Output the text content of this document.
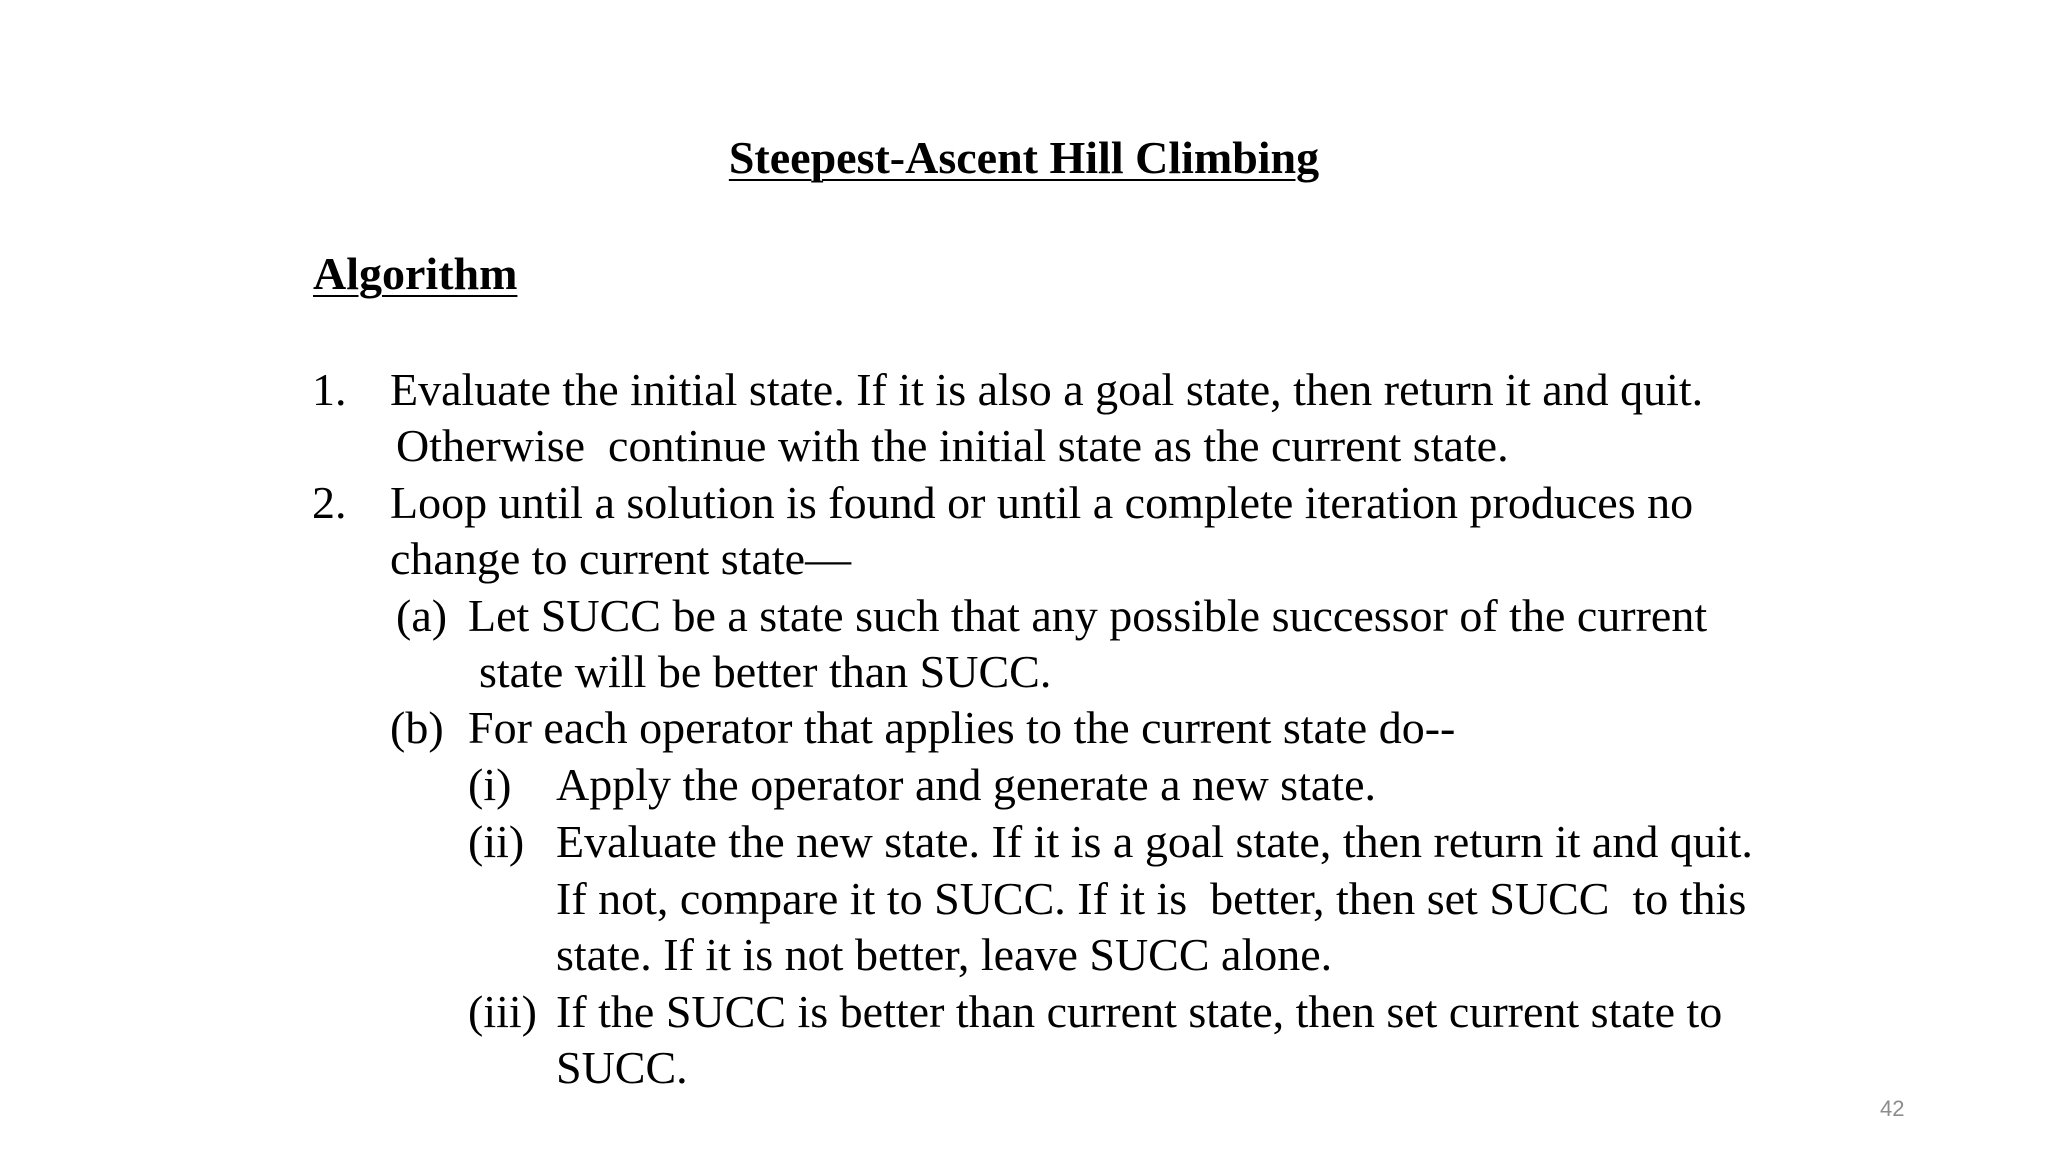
Steepest-Ascent Hill Climbing
Algorithm
1. Evaluate the initial state. If it is also a goal state, then return it and quit.
Otherwise  continue with the initial state as the current state.
2. Loop until a solution is found or until a complete iteration produces no
change to current state—
(a) Let SUCC be a state such that any possible successor of the current
state will be better than SUCC.
(b) For each operator that applies to the current state do--
(i) Apply the operator and generate a new state.
(ii) Evaluate the new state. If it is a goal state, then return it and quit.
If not, compare it to SUCC. If it is  better, then set SUCC  to this
state. If it is not better, leave SUCC alone.
(iii) If the SUCC is better than current state, then set current state to
SUCC.
42
